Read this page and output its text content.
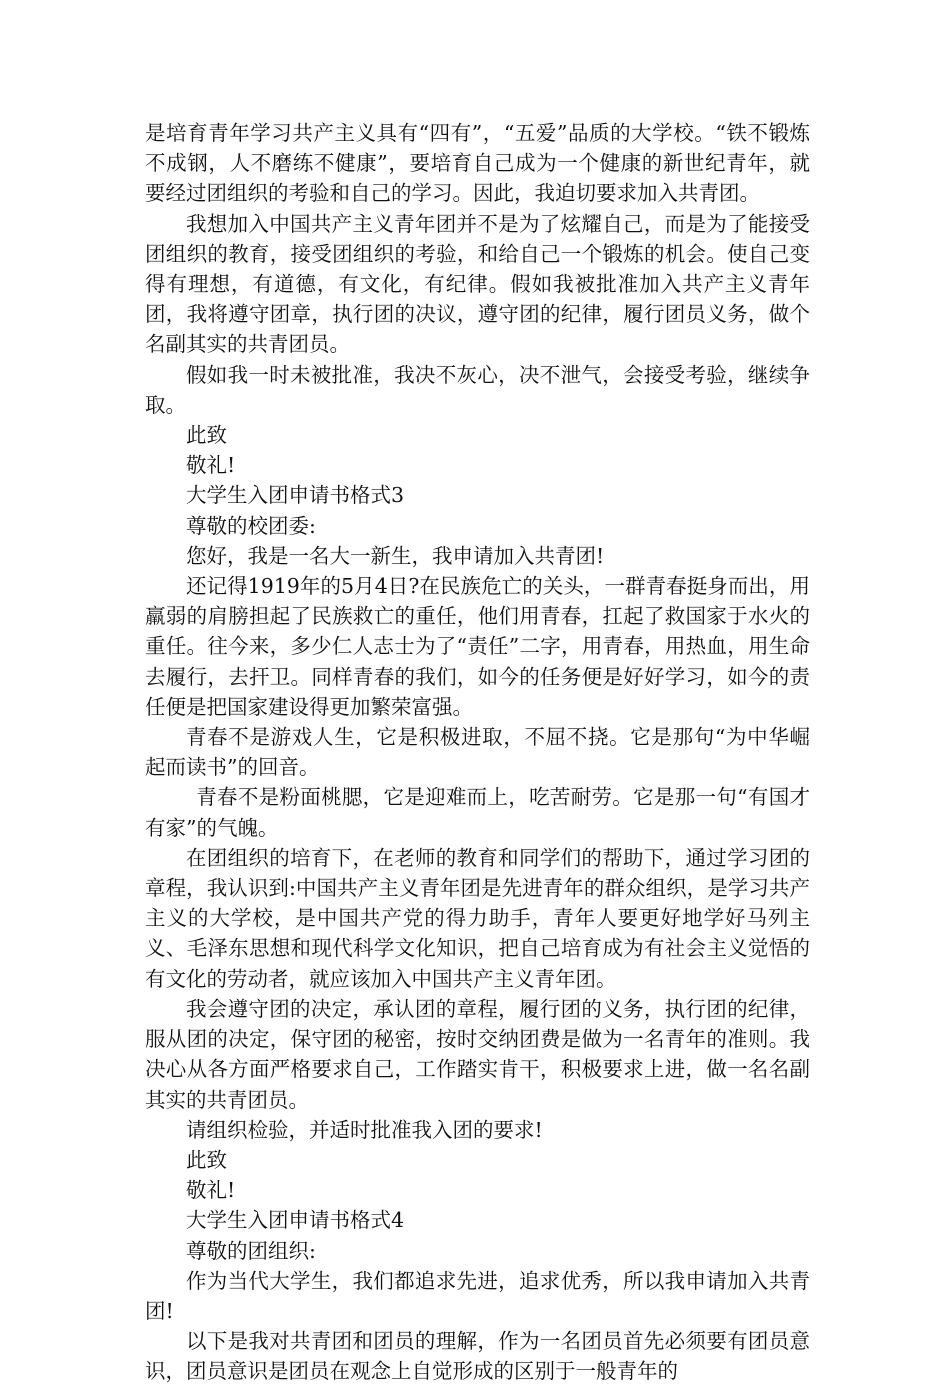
是培育青年学习共产主义具有“四有”，“五爱”品质的大学校。“铁不锻炼不成钢，人不磨练不健康”，要培育自己成为一个健康的新世纪青年，就要经过团组织的考验和自己的学习。因此，我迫切要求加入共青团。

我想加入中国共产主义青年团并不是为了炫耀自己，而是为了能接受团组织的教育，接受团组织的考验，和给自己一个锻炼的机会。使自己变得有理想，有道德，有文化，有纪律。假如我被批准加入共产主义青年团，我将遵守团章，执行团的决议，遵守团的纪律，履行团员义务，做个名副其实的共青团员。

假如我一时未被批准，我决不灰心，决不泄气，会接受考验，继续争取。

此致

敬礼!

大学生入团申请书格式3

尊敬的校团委:

您好，我是一名大一新生，我申请加入共青团!

还记得1919年的5月4日?在民族危亡的关头，一群青春挺身而出，用羸弱的肩膀担起了民族救亡的重任，他们用青春，扛起了救国家于水火的重任。往今来，多少仁人志士为了“责任”二字，用青春，用热血，用生命去履行，去扞卫。同样青春的我们，如今的任务便是好好学习，如今的责任便是把国家建设得更加繁荣富强。

青春不是游戏人生，它是积极进取，不屈不挠。它是那句“为中华崛起而读书”的回音。

青春不是粉面桃腮，它是迎难而上，吃苦耐劳。它是那一句“有国才有家”的气魄。

在团组织的培育下，在老师的教育和同学们的帮助下，通过学习团的章程，我认识到:中国共产主义青年团是先进青年的群众组织，是学习共产主义的大学校，是中国共产党的得力助手，青年人要更好地学好马列主义、毛泽东思想和现代科学文化知识，把自己培育成为有社会主义觉悟的有文化的劳动者，就应该加入中国共产主义青年团。

我会遵守团的决定，承认团的章程，履行团的义务，执行团的纪律，服从团的决定，保守团的秘密，按时交纳团费是做为一名青年的准则。我决心从各方面严格要求自己，工作踏实肯干，积极要求上进，做一名名副其实的共青团员。

请组织检验，并适时批准我入团的要求!

此致

敬礼!

大学生入团申请书格式4

尊敬的团组织:

作为当代大学生，我们都追求先进，追求优秀，所以我申请加入共青团!

以下是我对共青团和团员的理解，作为一名团员首先必须要有团员意识，团员意识是团员在观念上自觉形成的区别于一般青年的
